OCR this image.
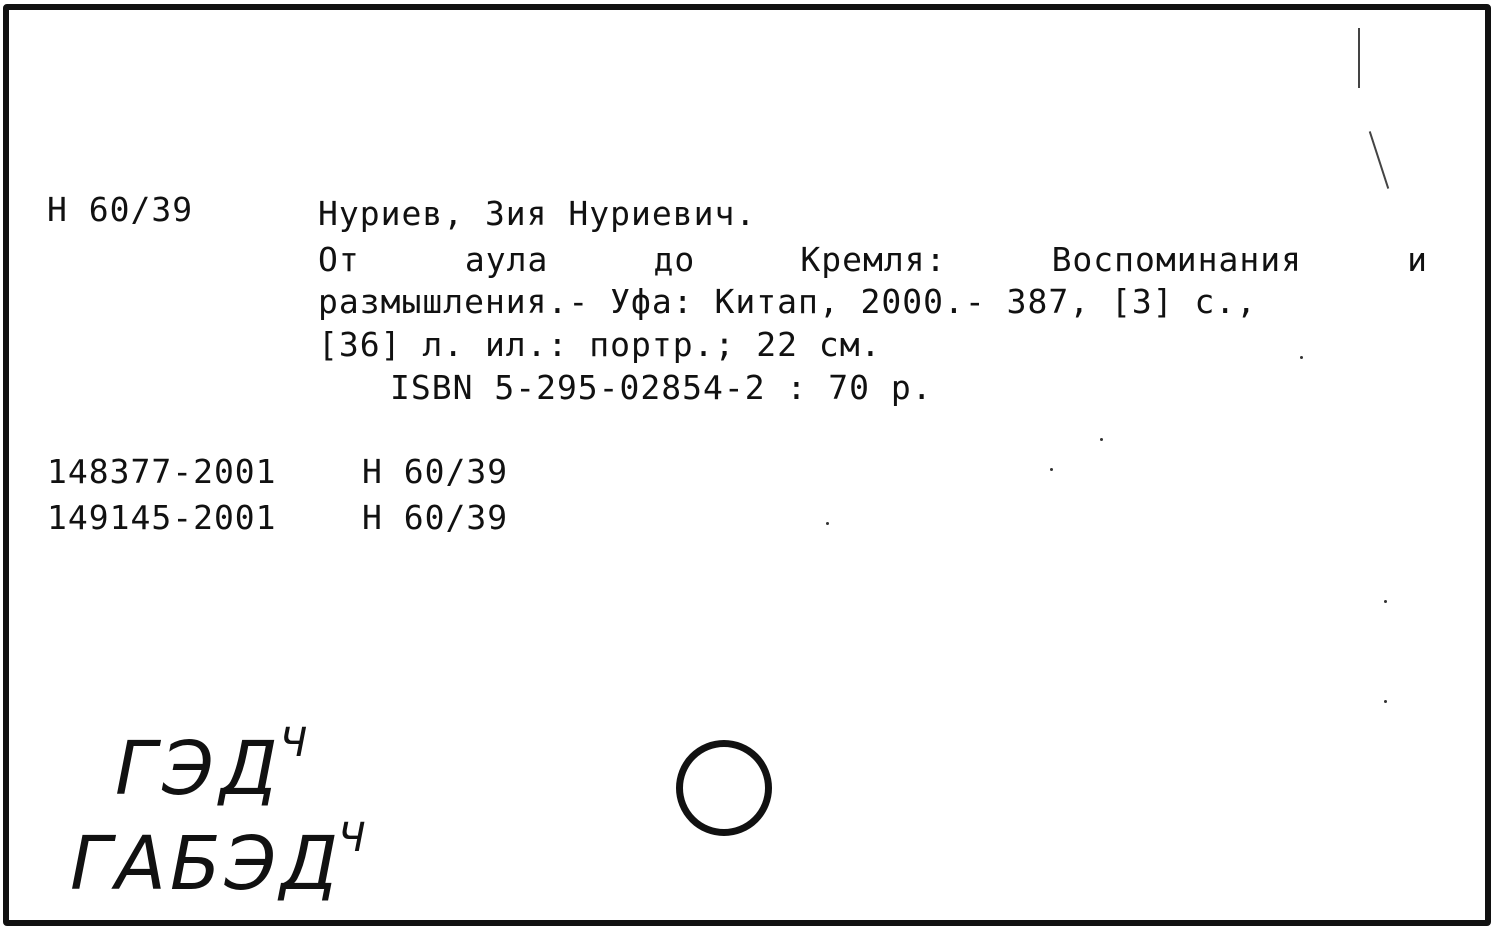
Н 60/39	Нуриев, Зия Нуриевич.
От	аула	до	Кремля:	Воспоминания	и
размышления.- Уфа: Китап, 2000.- 387, [3] с.,
[36] л. ил.: портр.; 22 см.
ISBN 5-295-02854-2 : 70 р.
148377-2001	Н 60/39
149145-2001	Н 60/39
$ГЭД^Ч$
$ГАБЭД^Ч$
